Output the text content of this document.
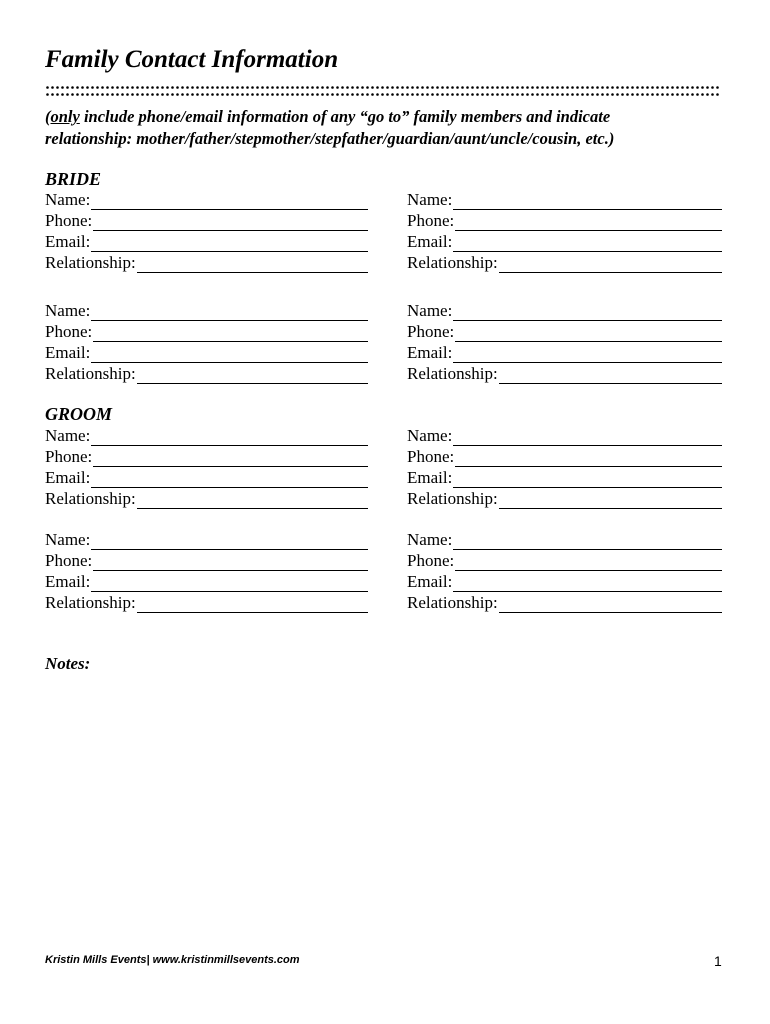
Family Contact Information
(only include phone/email information of any “go to” family members and indicate
relationship: mother/father/stepmother/stepfather/guardian/aunt/uncle/cousin, etc.)
BRIDE
GROOM
Name:
Phone:
Email:
Relationship:
Name:
Phone:
Email:
Relationship:
Name:
Phone:
Email:
Relationship:
Name:
Phone:
Email:
Relationship:
Name:
Phone:
Email:
Relationship:
Name:
Phone:
Email:
Relationship:
Name:
Phone:
Email:
Relationship:
Name:
Phone:
Email:
Relationship:
Notes:
Kristin Mills Events| www.kristinmillsevents.com	1
